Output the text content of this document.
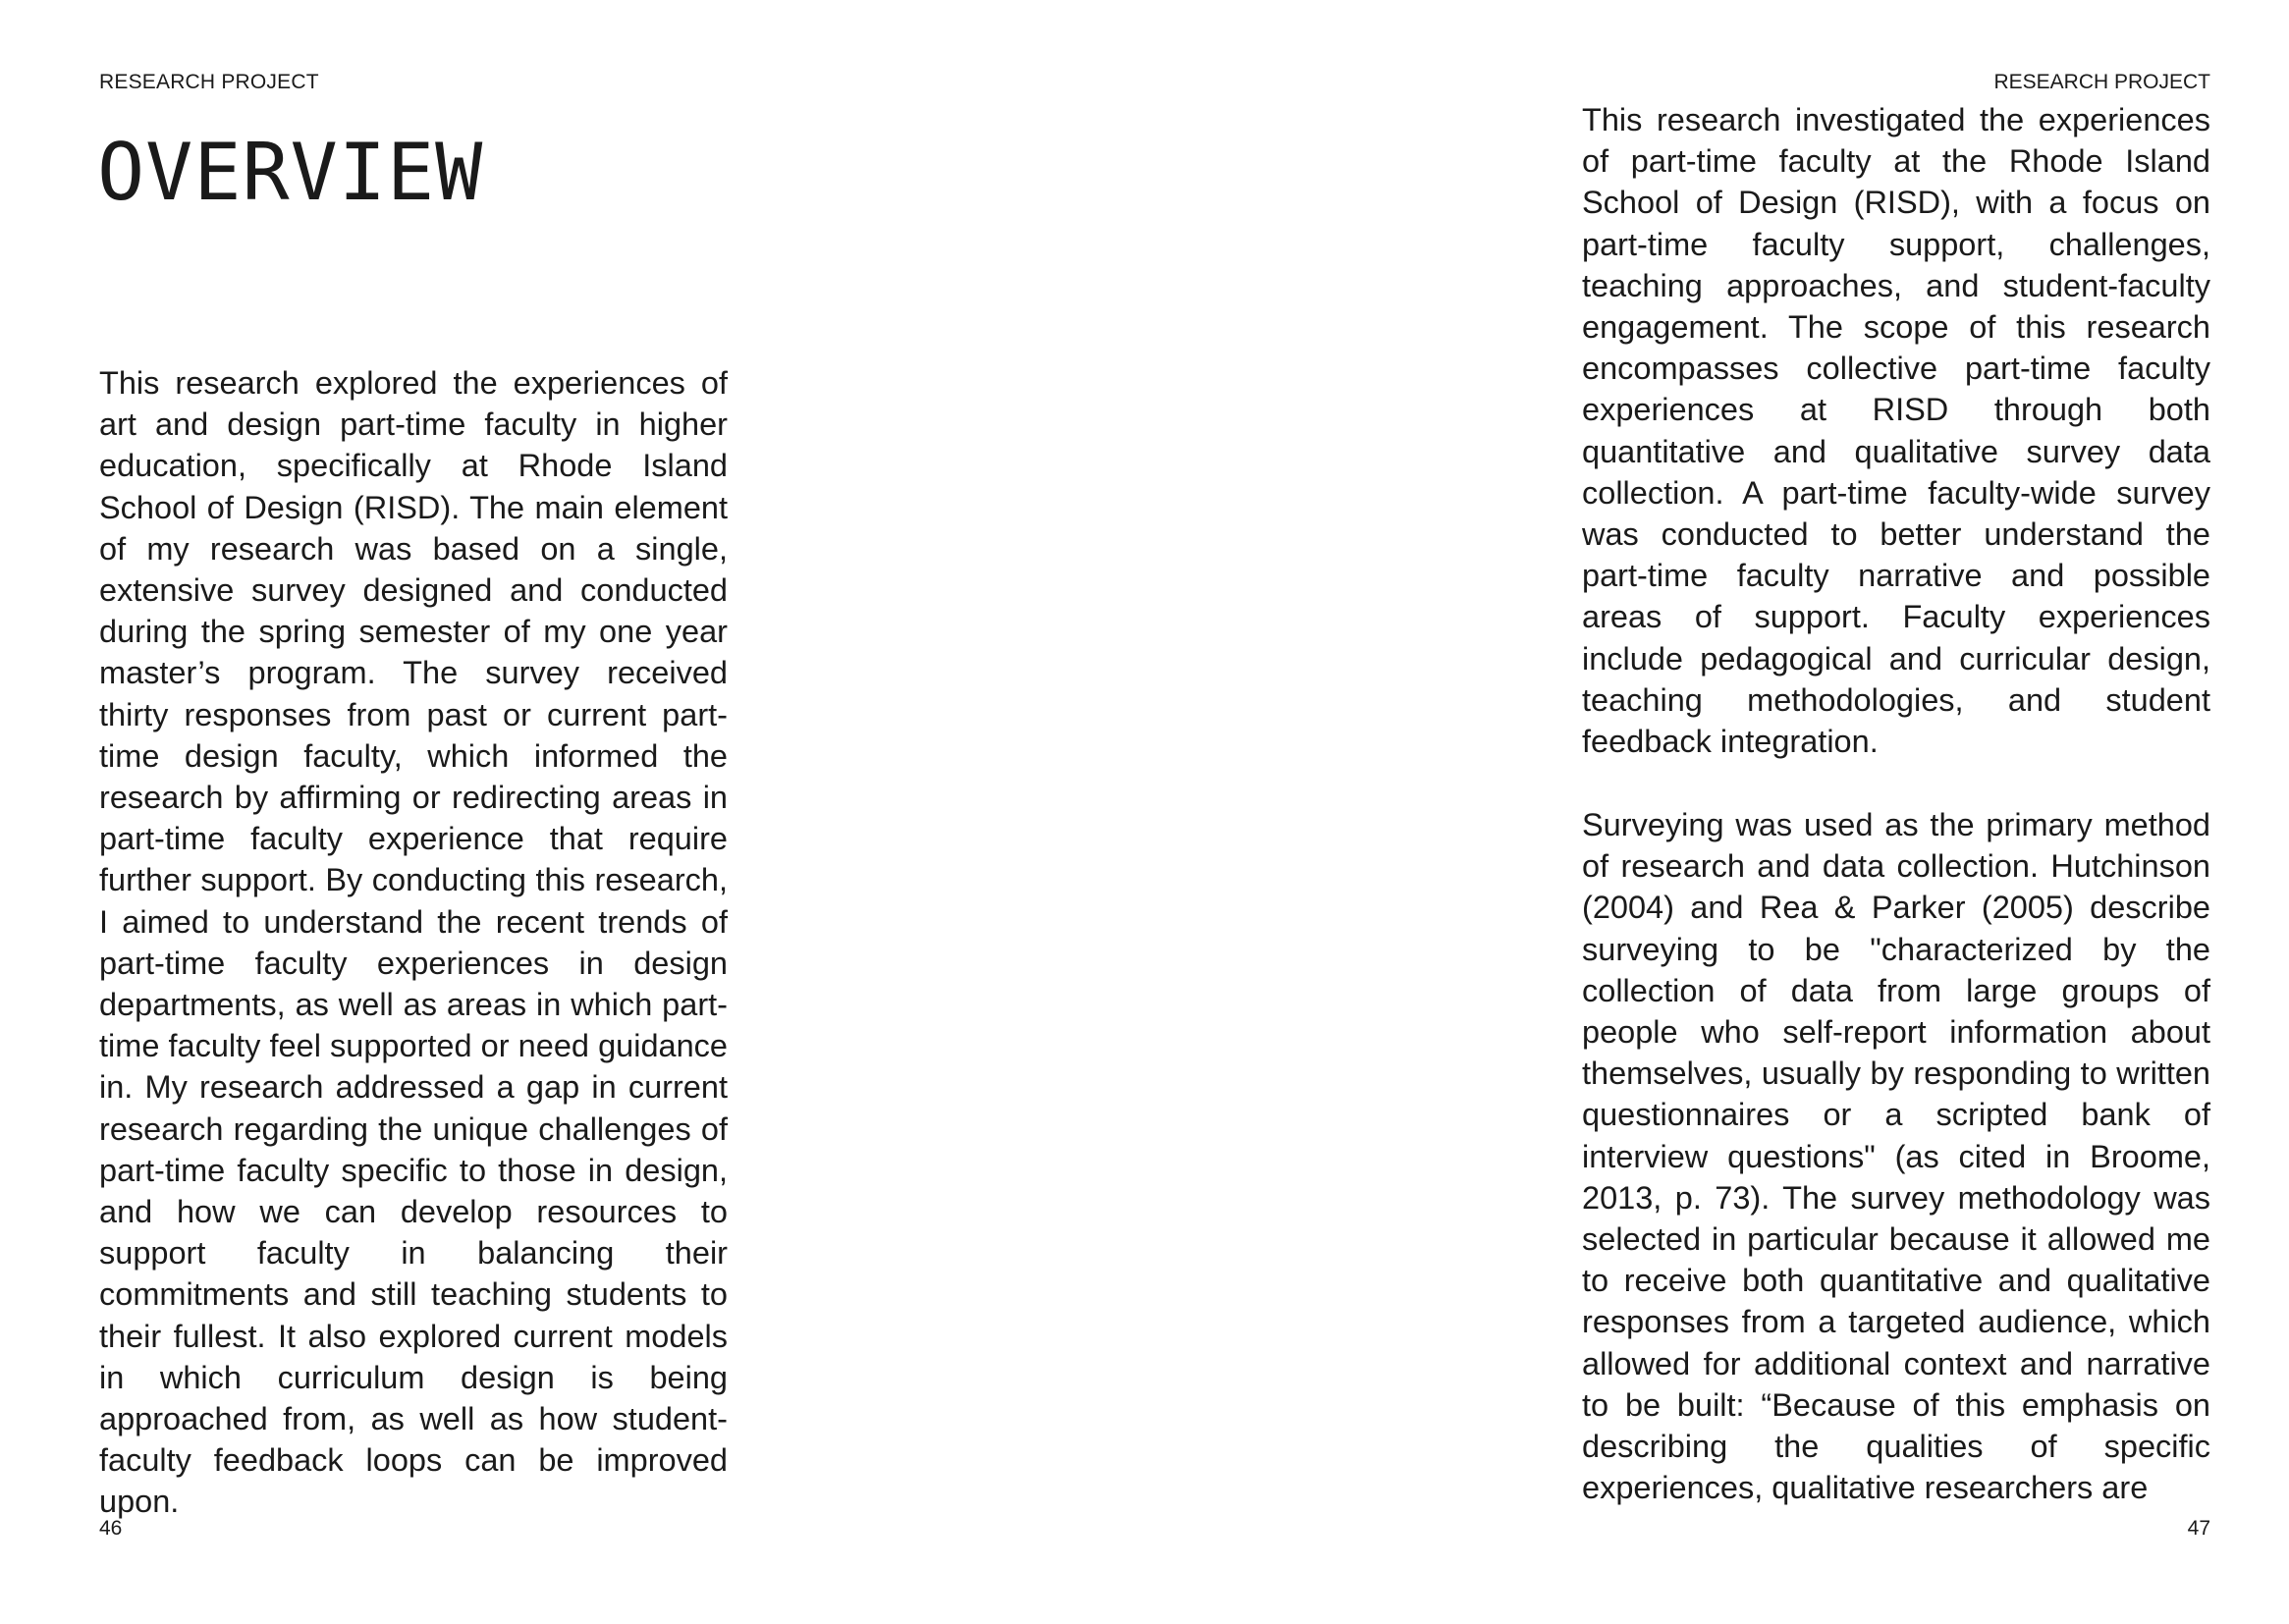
RESEARCH PROJECT
OVERVIEW

This research explored the experiences of art and design part-time faculty in higher education, specifically at Rhode Island School of Design (RISD). The main element of my research was based on a single, extensive survey designed and conducted during the spring semester of my one year master’s program. The survey received thirty responses from past or current part-time design faculty, which informed the research by affirming or redirecting areas in part-time faculty experience that require further support. By conducting this research, I aimed to understand the recent trends of part-time faculty experiences in design departments, as well as areas in which part-time faculty feel supported or need guidance in. My research addressed a gap in current research regarding the unique challenges of part-time faculty specific to those in design, and how we can develop resources to support faculty in balancing their commitments and still teaching students to their fullest. It also explored current models in which curriculum design is being approached from, as well as how student-faculty feedback loops can be improved upon.

46
RESEARCH PROJECT

This research investigated the experiences of part-time faculty at the Rhode Island School of Design (RISD), with a focus on part-time faculty support, challenges, teaching approaches, and student-faculty engagement. The scope of this research encompasses collective part-time faculty experiences at RISD through both quantitative and qualitative survey data collection. A part-time faculty-wide survey was conducted to better understand the part-time faculty narrative and possible areas of support. Faculty experiences include pedagogical and curricular design, teaching methodologies, and student feedback integration.

Surveying was used as the primary method of research and data collection. Hutchinson (2004) and Rea & Parker (2005) describe surveying to be "characterized by the collection of data from large groups of people who self-report information about themselves, usually by responding to written questionnaires or a scripted bank of interview questions" (as cited in Broome, 2013, p. 73). The survey methodology was selected in particular because it allowed me to receive both quantitative and qualitative responses from a targeted audience, which allowed for additional context and narrative to be built: “Because of this emphasis on describing the qualities of specific experiences, qualitative researchers are

47
